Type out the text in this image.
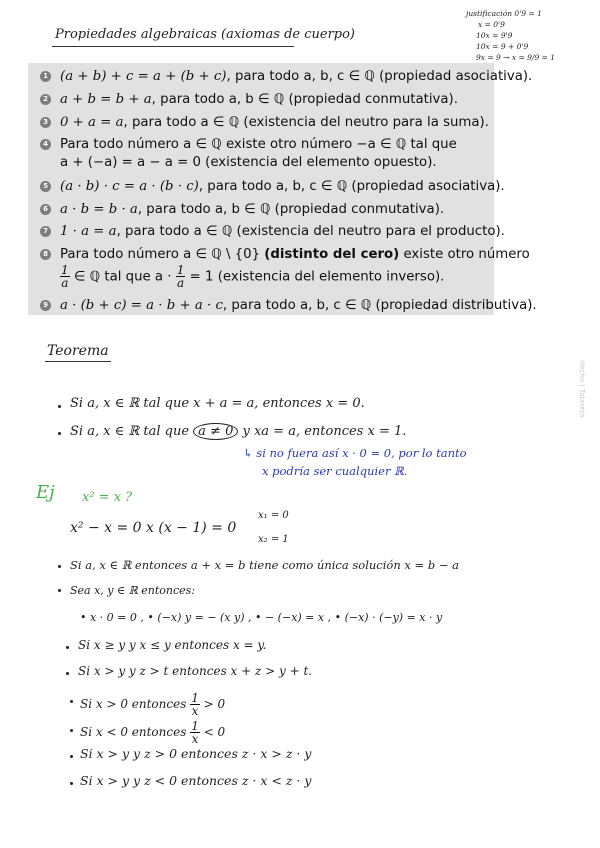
Propiedades algebraicas (axiomas de cuerpo)
justificación 0'9 = 1
x = 0'9
10x = 9'9
10x = 9 + 0'9
9x = 9 → x = 9/9 = 1
1 (a + b) + c = a + (b + c), para todo a, b, c ∈ ℚ (propiedad asociativa).
2 a + b = b + a, para todo a, b ∈ ℚ (propiedad conmutativa).
3 0 + a = a, para todo a ∈ ℚ (existencia del neutro para la suma).
4 Para todo número a ∈ ℚ existe otro número −a ∈ ℚ tal que
a + (−a) = a − a = 0 (existencia del elemento opuesto).
5 (a · b) · c = a · (b · c), para todo a, b, c ∈ ℚ (propiedad asociativa).
6 a · b = b · a, para todo a, b ∈ ℚ (propiedad conmutativa).
7 1 · a = a, para todo a ∈ ℚ (existencia del neutro para el producto).
8 Para todo número a ∈ ℚ \ {0} (distinto del cero) existe otro número
$\frac{1}{a}$ ∈ ℚ tal que $a \cdot \frac{1}{a} = 1$ (existencia del elemento inverso).
9 a · (b + c) = a · b + a · c, para todo a, b, c ∈ ℚ (propiedad distributiva).
Teorema
Hecho | Tatareta
Si a, x ∈ ℝ tal que x + a = a, entonces x = 0.
Si a, x ∈ ℝ tal que a ≠ 0 y xa = a, entonces x = 1.
↳ si no fuera así x · 0 = 0, por lo tanto
x podría ser cualquier ℝ.
Ej x² = x ?
x² − x = 0 x (x − 1) = 0
x₁ = 0
x₂ = 1
Si a, x ∈ ℝ entonces a + x = b tiene como única solución x = b − a
Sea x, y ∈ ℝ entonces:
• x · 0 = 0 , • (−x) y = − (x y) , • − (−x) = x , • (−x) · (−y) = x · y
Si x ≥ y y x ≤ y entonces x = y.
Si x > y y z > t entonces x + z > y + t.
Si x > 0 entonces $\frac{1}{x} > 0$
Si x < 0 entonces $\frac{1}{x} < 0$
Si x > y y z > 0 entonces z · x > z · y
Si x > y y z < 0 entonces z · x < z · y
